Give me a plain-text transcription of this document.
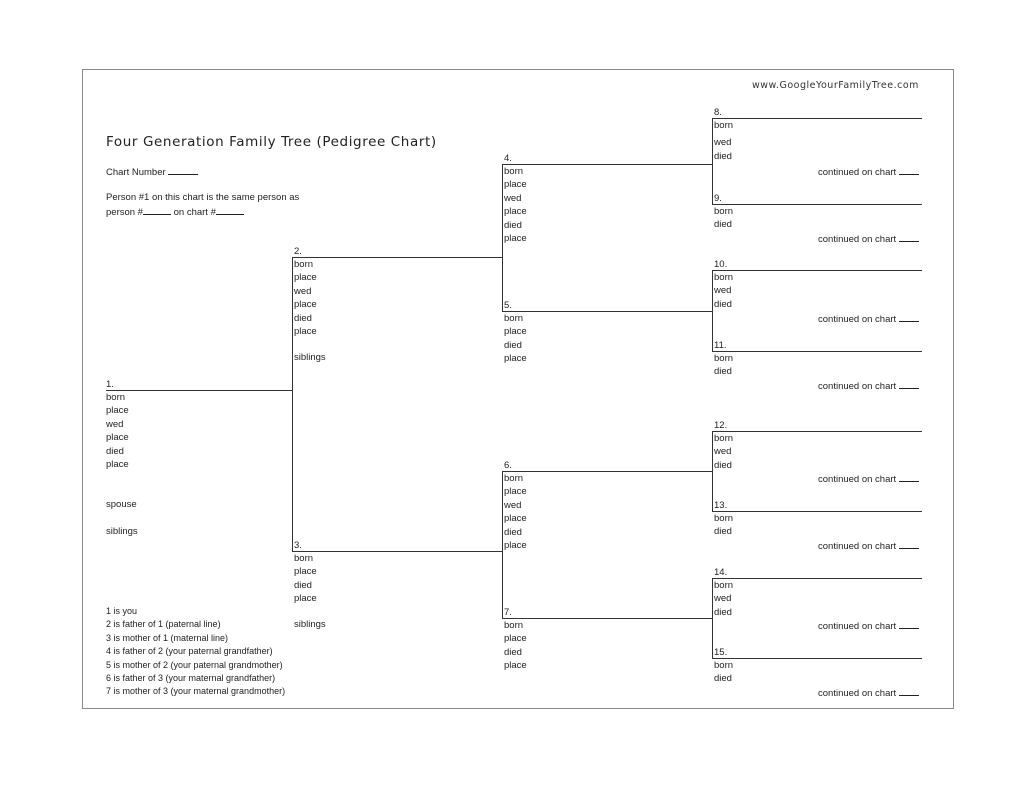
www.GoogleYourFamilyTree.com
Four Generation Family Tree (Pedigree Chart)
Chart Number
Person #1 on this chart is the same person as
person #	on chart #
1.
born
place
wed
place
died
place
spouse
siblings
2.
born
place
wed
place
died
place
siblings
3.
born
place
died
place
siblings
4.
born
place
wed
place
died
place
5.
born
place
died
place
6.
born
place
wed
place
died
place
7.
born
place
died
place
8.
born
wed
died
continued on chart
9.
born
died
continued on chart
10.
born
wed
died
continued on chart
11.
born
died
continued on chart
12.
born
wed
died
continued on chart
13.
born
died
continued on chart
14.
born
wed
died
continued on chart
15.
born
died
continued on chart
1 is you
2 is father of 1 (paternal line)
3 is mother of 1 (maternal line)
4 is father of 2 (your paternal grandfather)
5 is mother of 2 (your paternal grandmother)
6 is father of 3 (your maternal grandfather)
7 is mother of 3 (your maternal grandmother)
